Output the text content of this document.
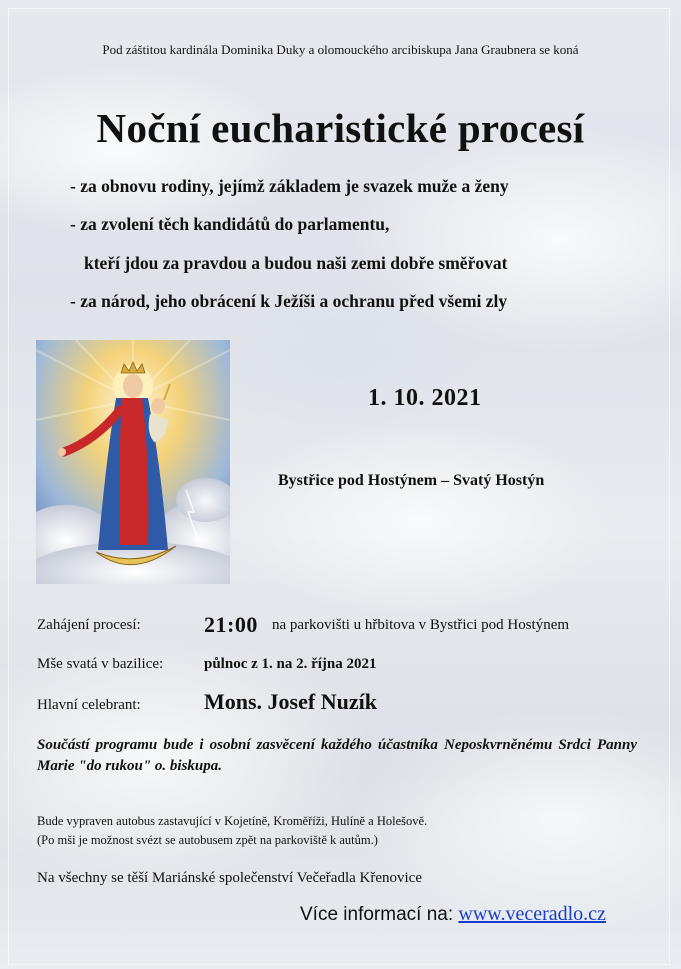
Pod záštitou kardinála Dominika Duky a olomouckého arcibiskupa Jana Graubnera se koná
Noční eucharistické procesí
- za obnovu rodiny, jejímž základem je svazek muže a ženy
- za zvolení těch kandidátů do parlamentu,
kteří jdou za pravdou a budou naši zemi dobře směřovat
- za národ, jeho obrácení k Ježíši a ochranu před všemi zly
1. 10. 2021
Bystřice pod Hostýnem – Svatý Hostýn
Zahájení procesí:	21:00 na parkovišti u hřbitova v Bystřici pod Hostýnem
Mše svatá v bazilice:	půlnoc z 1. na 2. října 2021
Hlavní celebrant:	Mons. Josef Nuzík
Součástí programu bude i osobní zasvěcení každého účastníka Neposkvrněnému Srdci Panny Marie "do rukou" o. biskupa.
Bude vypraven autobus zastavující v Kojetíně, Kroměříži, Hulíně a Holešově.
(Po mši je možnost svézt se autobusem zpět na parkoviště k autům.)
Na všechny se těší Mariánské společenství Večeřadla Křenovice
Více informací na: www.veceradlo.cz
